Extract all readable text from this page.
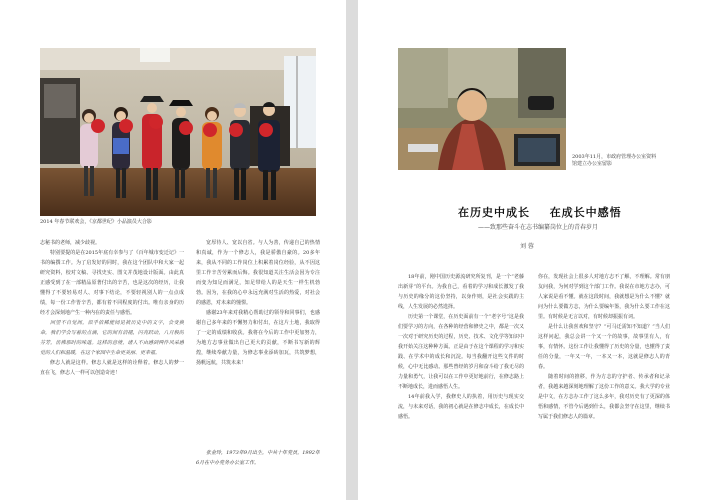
2014 年春节联欢会，《京都世纪》小品演员大合影

志秘书的老师，减少歧视。

特别要提的是在2015年底有幸参与了《百年城市变迁记》一书的编撰工作。为了启发好的同时，我在这个团队中和大家一起研究资料，校对文稿、寻找史实、图文并茂地设计版面。由此真正感受到了在一部精品原著付出的辛苦，也是这次的经历，让我懂得了不要轻易对人、对事下结论，不要轻视别人的一点点成绩，每一份工作皆辛苦，都有着不同程度的付出。唯有亲身的历经才会深刻地产生一种内在的责任与感悟。

回望不自觉间，似乎依稀能闻见被历史中的文字，会变换命，我们学会写着的点滴，它的间有消褪，闪亮跃动，八月般的芬芳，仿佛那时的味道。这样的意境，诸人不由感到两件风采感觉的人们和温暖，在这个家园中生命更美丽、更幸福。

修志人就是这样。修志人就是这样的诠释着。修志人的梦一直在飞，修志人一样可以创造奇迹！

宽厚待人、宽以自省。与人为善，传递自己的热情和真诚，作为一个修志人，我是骄傲自豪的。20多年来，我从不同的工作岗位上积累着岗位经验，从不因这里工作辛苦劳累而后悔。我很知道关注生活会因为专注而变为知足而满足，知足带给人的是天生一样生机勃勃。因为，在我的心中永远充满对生活的热爱，对社会的感恩，对未来的憧憬。

感谢23年来对我精心帮助过的领导和同事们，也感谢自己多年来的不懈努力和付出，在这片土地，我取得了一定的成绩和收获。我将在今后的工作中更加努力，为地方志事业做出自己更大的贡献，不断书写新的辉煌，继续奉献力量，为修志事业添砖加瓦，共筑梦想，扬帆远航，共筑未来！

张金玲，1973年9月出生，中共十年党员，1992年6月在中办党务办公室工作。

2003年11月，市政府管理办公室资料馆建立办公室留影
在历史中成长 在成长中感悟
——致那些奋斗在志书编纂岗位上的青春岁月
刘 蓉

18年前，刚中国历史源流研究所复刊，是一个“老藤出新芽”的平台。为我自己，看着的学习和成长激发了我与历史的缘分的这份坚持，以身作则，是社会实践的主线，人生发展的必然选择。

历史第一个课堂，在历史面前有一个“老字号”这是我们要学习的方向，在各种的经营和修史之中，都是一次又一次对于研究历史的过程，历史、技术、文化学等知识中我开始关注这种种方面。正是由于在这个课程的学习和实践、在学术中的成长和沉淀。每当我翻开这些文件的时候，心中无比感动。那些曾经的岁月和奋斗给了我无尽的力量和勇气，让我可以在工作中更好地前行，在修志路上不断地成长，进而感悟人生。

14年前我入学，我修史人的执着，用历史与现实交流，与未来对话，我的初心就是在修志中成长，在成长中感悟。

你在，发现社会上很多人对地方志不了解，不理解。常有朋友问我，为何对学到这个部门工作。我说在市地方志办，可人家说是看不懂。就在这段时间，我就想是为什么不懂？就问为什么要做方志，为什么要编年鉴，我为什么要工作在这里。有时候是无言以对，有时候却振振有词。

是什么让我喜欢和坚守？“可马迁需知不知道？”当人们这样问起，我总会讲一个又一个的故事，故事里有人，有事，有情怀。这份工作让我懂得了历史的分量，也懂得了责任的分量，一年又一年，一本又一本，这就是修志人的青春。

随着时间的推移，作为方志的守护者、传承者和记录者，我越来越深刻地理解了这份工作的意义。我大学的专业是中文，在方志办工作了这么多年，我对历史有了更深的体悟和感情，不管今后遇到什么，我都会坚守在这里，继续书写属于我们修志人的篇章。
